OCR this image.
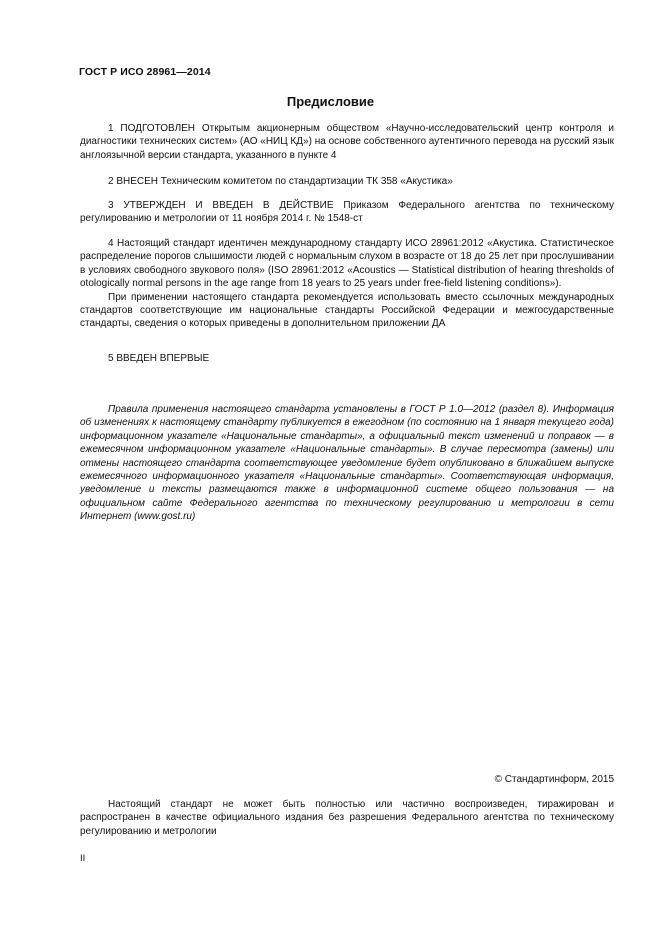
ГОСТ Р ИСО 28961—2014
Предисловие

1 ПОДГОТОВЛЕН Открытым акционерным обществом «Научно-исследовательский центр контроля и диагностики технических систем» (АО «НИЦ КД») на основе собственного аутентичного перевода на русский язык англоязычной версии стандарта, указанного в пункте 4

2 ВНЕСЕН Техническим комитетом по стандартизации ТК 358 «Акустика»

3 УТВЕРЖДЕН И ВВЕДЕН В ДЕЙСТВИЕ Приказом Федерального агентства по техническому регулированию и метрологии от 11 ноября 2014 г. № 1548-ст

4 Настоящий стандарт идентичен международному стандарту ИСО 28961:2012 «Акустика. Статистическое распределение порогов слышимости людей с нормальным слухом в возрасте от 18 до 25 лет при прослушивании в условиях свободного звукового поля» (ISO 28961:2012 «Acoustics — Statistical distribution of hearing thresholds of otologically normal persons in the age range from 18 years to 25 years under free-field listening conditions»).

При применении настоящего стандарта рекомендуется использовать вместо ссылочных международных стандартов соответствующие им национальные стандарты Российской Федерации и межгосударственные стандарты, сведения о которых приведены в дополнительном приложении ДА

5 ВВЕДЕН ВПЕРВЫЕ

Правила применения настоящего стандарта установлены в ГОСТ Р 1.0—2012 (раздел 8). Информация об изменениях к настоящему стандарту публикуется в ежегодном (по состоянию на 1 января текущего года) информационном указателе «Национальные стандарты», а официальный текст изменений и поправок — в ежемесячном информационном указателе «Национальные стандарты». В случае пересмотра (замены) или отмены настоящего стандарта соответствующее уведомление будет опубликовано в ближайшем выпуске ежемесячного информационного указателя «Национальные стандарты». Соответствующая информация, уведомление и тексты размещаются также в информационной системе общего пользования — на официальном сайте Федерального агентства по техническому регулированию и метрологии в сети Интернет (www.gost.ru)

© Стандартинформ, 2015

Настоящий стандарт не может быть полностью или частично воспроизведен, тиражирован и распространен в качестве официального издания без разрешения Федерального агентства по техническому регулированию и метрологии

II
